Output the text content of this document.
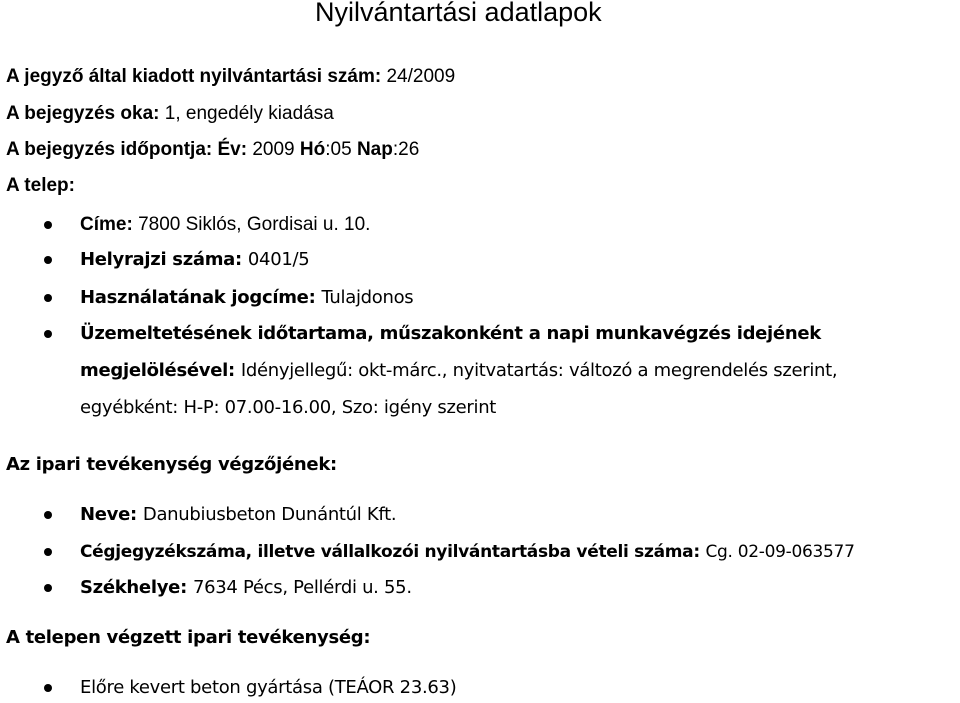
Nyilvántartási adatlapok
A jegyző által kiadott nyilvántartási szám: 24/2009
A bejegyzés oka: 1, engedély kiadása
A bejegyzés időpontja: Év: 2009 Hó:05 Nap:26
A telep:
Címe: 7800 Siklós, Gordisai u. 10.
Helyrajzi száma: 0401/5
Használatának jogcíme: Tulajdonos
Üzemeltetésének időtartama, műszakonként a napi munkavégzés idejének
megjelölésével: Idényjellegű: okt-márc., nyitvatartás: változó a megrendelés szerint,
egyébként: H-P: 07.00-16.00, Szo: igény szerint
Az ipari tevékenység végzőjének:
Neve: Danubiusbeton Dunántúl Kft.
Cégjegyzékszáma, illetve vállalkozói nyilvántartásba vételi száma: Cg. 02-09-063577
Székhelye: 7634 Pécs, Pellérdi u. 55.
A telepen végzett ipari tevékenység:
Előre kevert beton gyártása (TEÁOR 23.63)
